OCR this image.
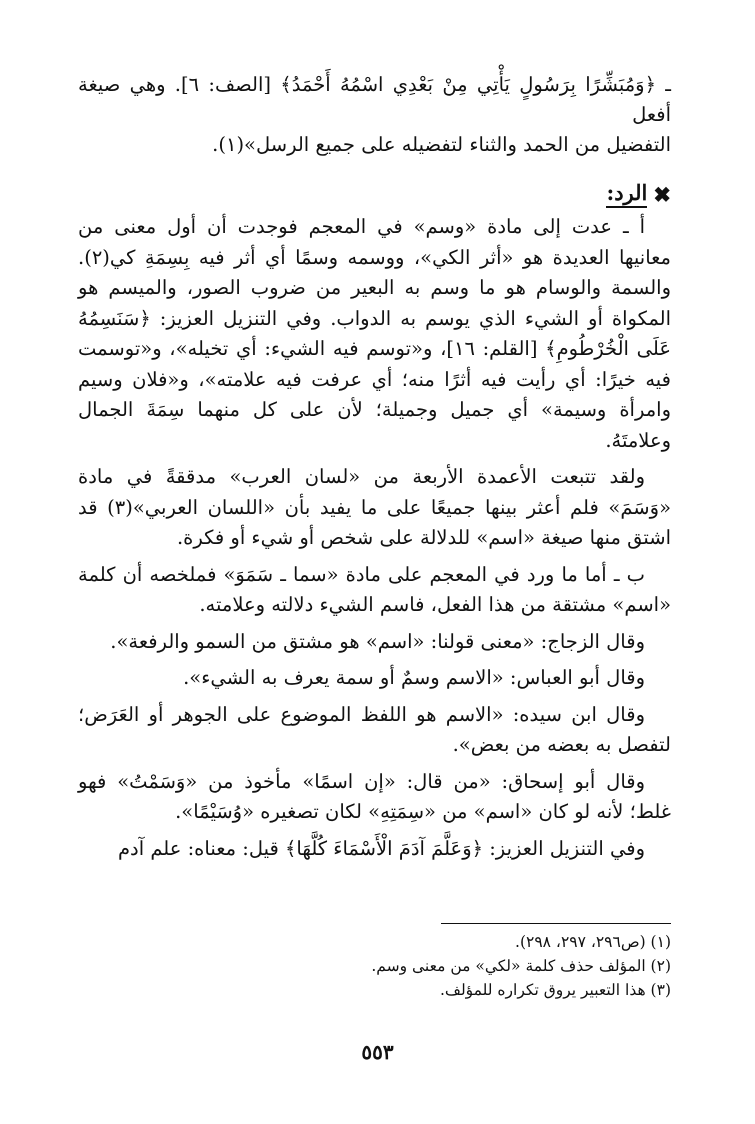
ـ ﴿وَمُبَشِّرًا بِرَسُولٍ يَأْتِي مِنْ بَعْدِي اسْمُهُ أَحْمَدُ﴾ [الصف: ٦]. وهي صيغة أفعل

التفضيل من الحمد والثناء لتفضيله على جميع الرسل»(١).

✖
الرد:

أ ـ عدت إلى مادة «وسم» في المعجم فوجدت أن أول معنى من معانيها العديدة هو «أثر الكي»، ووسمه وسمًا أي أثر فيه بِسِمَةِ كي(٢). والسمة والوسام هو ما وسم به البعير من ضروب الصور، والميسم هو المكواة أو الشيء الذي يوسم به الدواب. وفي التنزيل العزيز: ﴿سَنَسِمُهُ عَلَى الْخُرْطُومِ﴾ [القلم: ١٦]، و«توسم فيه الشيء: أي تخيله»، و«توسمت فيه خيرًا: أي رأيت فيه أثرًا منه؛ أي عرفت فيه علامته»، و«فلان وسيم وامرأة وسيمة» أي جميل وجميلة؛ لأن على كل منهما سِمَةَ الجمال وعلامتَهُ.

ولقد تتبعت الأعمدة الأربعة من «لسان العرب» مدققةً في مادة «وَسَمَ» فلم أعثر بينها جميعًا على ما يفيد بأن «اللسان العربي»(٣) قد اشتق منها صيغة «اسم» للدلالة على شخص أو شيء أو فكرة.

ب ـ أما ما ورد في المعجم على مادة «سما ـ سَمَوَ» فملخصه أن كلمة «اسم» مشتقة من هذا الفعل، فاسم الشيء دلالته وعلامته.

وقال الزجاج: «معنى قولنا: «اسم» هو مشتق من السمو والرفعة».

وقال أبو العباس: «الاسم وسمٌ أو سمة يعرف به الشيء».

وقال ابن سيده: «الاسم هو اللفظ الموضوع على الجوهر أو العَرَض؛ لتفصل به بعضه من بعض».

وقال أبو إسحاق: «من قال: «إن اسمًا» مأخوذ من «وَسَمْتُ» فهو غلط؛ لأنه لو كان «اسم» من «سِمَتِهِ» لكان تصغيره «وُسَيْمًا».

وفي التنزيل العزيز: ﴿وَعَلَّمَ آدَمَ الْأَسْمَاءَ كُلَّهَا﴾ قيل: معناه: علم آدم

(١) (ص٢٩٦، ٢٩٧، ٢٩٨).

(٢) المؤلف حذف كلمة «لكي» من معنى وسم.

(٣) هذا التعبير يروق تكراره للمؤلف.

٥٥٣
